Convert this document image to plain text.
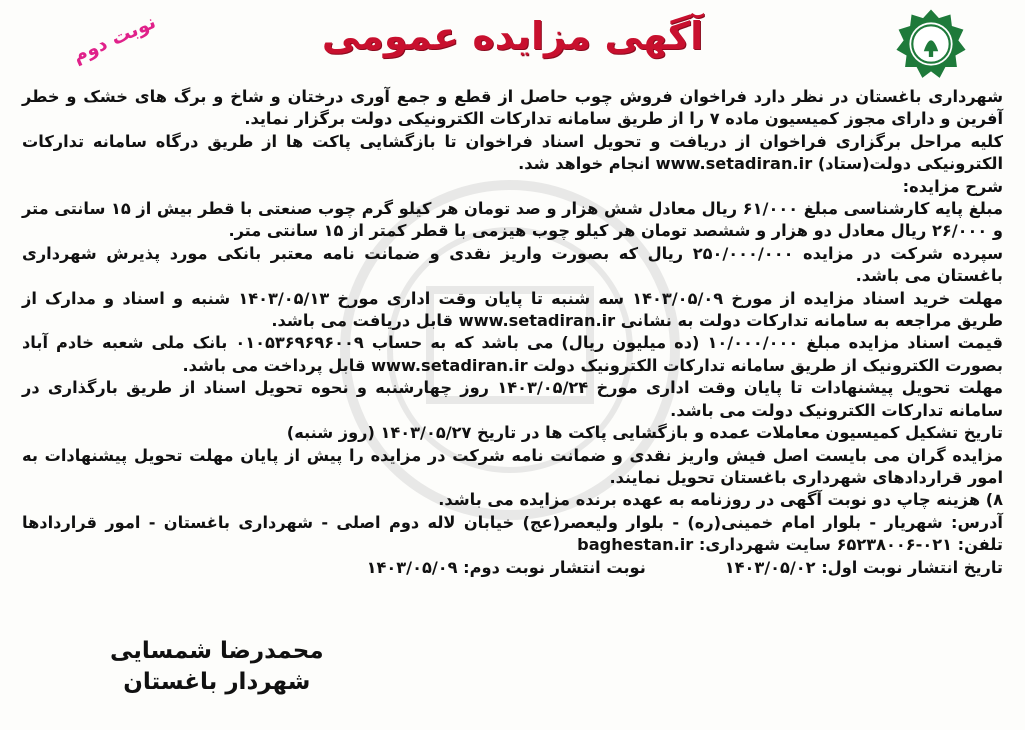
نوبت دوم	آگهی مزایده عمومی

شهرداری باغستان در نظر دارد فراخوان فروش چوب حاصل از قطع و جمع آوری درختان و شاخ و برگ های خشک و خطر آفرین و دارای مجوز کمیسیون ماده ۷ را از طریق سامانه تدارکات الکترونیکی دولت برگزار نماید.

کلیه مراحل برگزاری فراخوان از دریافت و تحویل اسناد فراخوان تا بازگشایی پاکت ها از طریق درگاه سامانه تدارکات الکترونیکی دولت(ستاد) www.setadiran.ir انجام خواهد شد.

شرح مزایده:

مبلغ پایه کارشناسی مبلغ ۶۱/۰۰۰ ریال معادل شش هزار و صد تومان هر کیلو گرم چوب صنعتی با قطر بیش از ۱۵ سانتی متر و ۲۶/۰۰۰ ریال معادل دو هزار و ششصد تومان هر کیلو چوب هیزمی با قطر کمتر از ۱۵ سانتی متر.

سپرده شرکت در مزایده ۲۵۰/۰۰۰/۰۰۰ ریال که بصورت واریز نقدی و ضمانت نامه معتبر بانکی مورد پذیرش شهرداری باغستان می باشد.

مهلت خرید اسناد مزایده از مورخ ۱۴۰۳/۰۵/۰۹ سه شنبه تا پایان وقت اداری مورخ ۱۴۰۳/۰۵/۱۳ شنبه و اسناد و مدارک از طریق مراجعه به سامانه تدارکات دولت به نشانی www.setadiran.ir قابل دریافت می باشد.

قیمت اسناد مزایده مبلغ ۱۰/۰۰۰/۰۰۰ (ده میلیون ریال) می باشد که به حساب ۰۱۰۵۳۶۹۶۹۶۰۰۹ بانک ملی شعبه خادم آباد بصورت الکترونیک از طریق سامانه تدارکات الکترونیک دولت www.setadiran.ir قابل پرداخت می باشد.

مهلت تحویل پیشنهادات تا پایان وقت اداری مورخ ۱۴۰۳/۰۵/۲۴ روز چهارشنبه و نحوه تحویل اسناد از طریق بارگذاری در سامانه تدارکات الکترونیک دولت می باشد.

تاریخ تشکیل کمیسیون معاملات عمده و بازگشایی پاکت ها در تاریخ ۱۴۰۳/۰۵/۲۷ (روز شنبه)

مزایده گران می بایست اصل فیش واریز نقدی و ضمانت نامه شرکت در مزایده را پیش از پایان مهلت تحویل پیشنهادات به امور قراردادهای شهرداری باغستان تحویل نمایند.

۸) هزینه چاپ دو نوبت آگهی در روزنامه به عهده برنده مزایده می باشد.

آدرس: شهریار - بلوار امام خمینی(ره) - بلوار ولیعصر(عج) خیابان لاله دوم اصلی - شهرداری باغستان - امور قراردادها تلفن: ۰۲۱-۶۵۲۳۸۰۰۶ سایت شهرداری: baghestan.ir

تاریخ انتشار نوبت اول: ۱۴۰۳/۰۵/۰۲              نوبت انتشار نوبت دوم: ۱۴۰۳/۰۵/۰۹

محمدرضا شمسایی
شهردار باغستان
